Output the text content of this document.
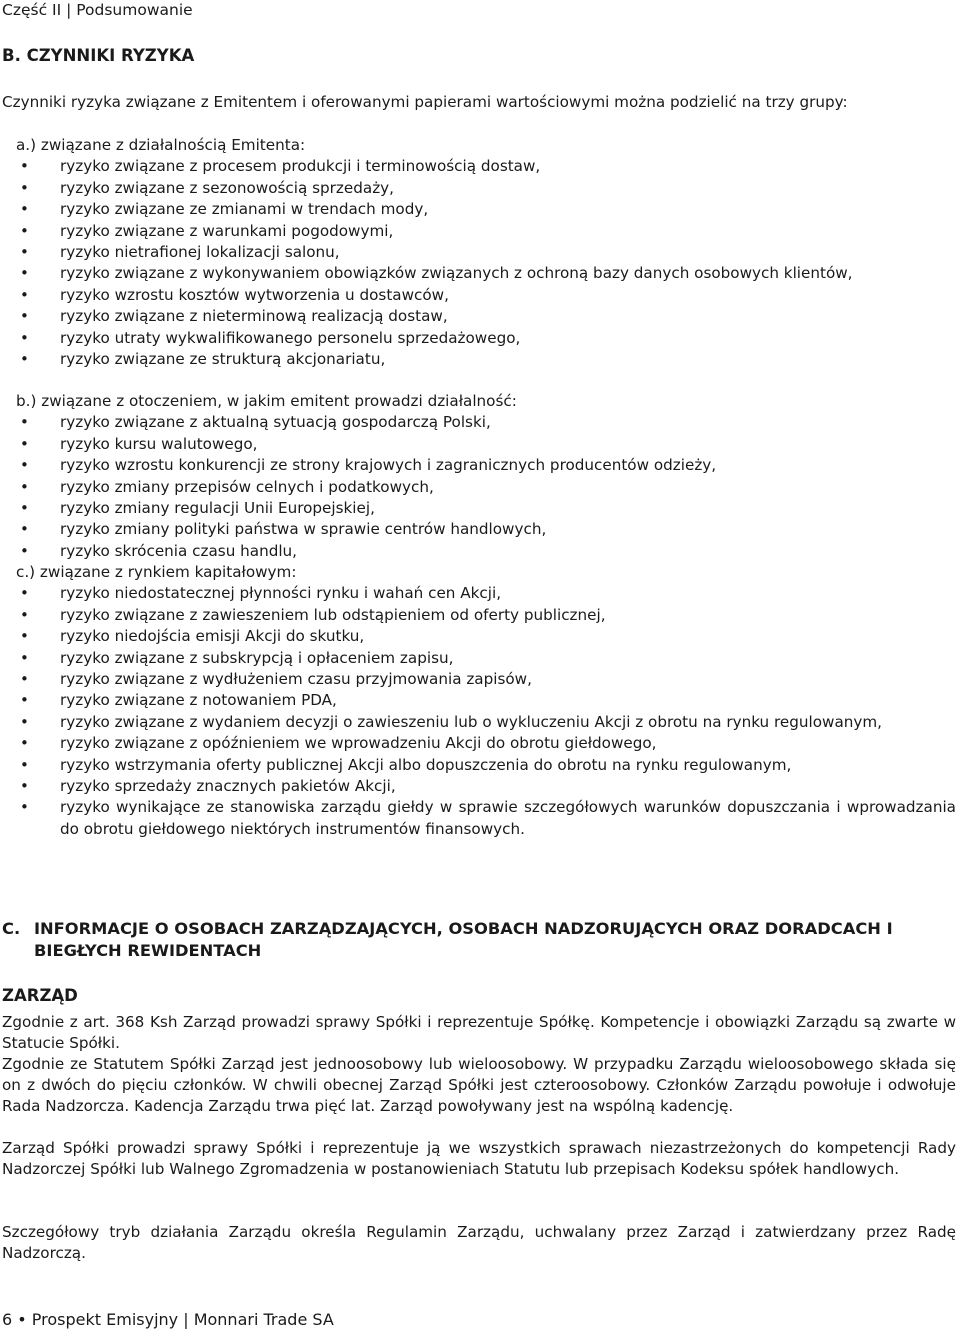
Część II | Podsumowanie
B. CZYNNIKI RYZYKA
Czynniki ryzyka związane z Emitentem i oferowanymi papierami wartościowymi można podzielić na trzy grupy:
a.) związane z działalnością Emitenta:
• ryzyko związane z procesem produkcji i terminowością dostaw,
• ryzyko związane z sezonowością sprzedaży,
• ryzyko związane ze zmianami w trendach mody,
• ryzyko związane z warunkami pogodowymi,
• ryzyko nietrafionej lokalizacji salonu,
• ryzyko związane z wykonywaniem obowiązków związanych z ochroną bazy danych osobowych klientów,
• ryzyko wzrostu kosztów wytworzenia u dostawców,
• ryzyko związane z nieterminową realizacją dostaw,
• ryzyko utraty wykwalifikowanego personelu sprzedażowego,
• ryzyko związane ze strukturą akcjonariatu,
b.) związane z otoczeniem, w jakim emitent prowadzi działalność:
• ryzyko związane z aktualną sytuacją gospodarczą Polski,
• ryzyko kursu walutowego,
• ryzyko wzrostu konkurencji ze strony krajowych i zagranicznych producentów odzieży,
• ryzyko zmiany przepisów celnych i podatkowych,
• ryzyko zmiany regulacji Unii Europejskiej,
• ryzyko zmiany polityki państwa w sprawie centrów handlowych,
• ryzyko skrócenia czasu handlu,
c.) związane z rynkiem kapitałowym:
• ryzyko niedostatecznej płynności rynku i wahań cen Akcji,
• ryzyko związane z zawieszeniem lub odstąpieniem od oferty publicznej,
• ryzyko niedojścia emisji Akcji do skutku,
• ryzyko związane z subskrypcją i opłaceniem zapisu,
• ryzyko związane z wydłużeniem czasu przyjmowania zapisów,
• ryzyko związane z notowaniem PDA,
• ryzyko związane z wydaniem decyzji o zawieszeniu lub o wykluczeniu Akcji z obrotu na rynku regulowanym,
• ryzyko związane z opóźnieniem we wprowadzeniu Akcji do obrotu giełdowego,
• ryzyko wstrzymania oferty publicznej Akcji albo dopuszczenia do obrotu na rynku regulowanym,
• ryzyko sprzedaży znacznych pakietów Akcji,
• ryzyko wynikające ze stanowiska zarządu giełdy w sprawie szczegółowych warunków dopuszczania i wprowadzania do obrotu giełdowego niektórych instrumentów finansowych.
C. INFORMACJE O OSOBACH ZARZĄDZAJĄCYCH, OSOBACH NADZORUJĄCYCH ORAZ DORADCACH I BIEGŁYCH REWIDENTACH
ZARZĄD
Zgodnie z art. 368 Ksh Zarząd prowadzi sprawy Spółki i reprezentuje Spółkę. Kompetencje i obowiązki Zarządu są zwarte w Statucie Spółki.
Zgodnie ze Statutem Spółki Zarząd jest jednoosobowy lub wieloosobowy. W przypadku Zarządu wieloosobowego składa się on z dwóch do pięciu członków. W chwili obecnej Zarząd Spółki jest czteroosobowy. Członków Zarządu powołuje i odwołuje Rada Nadzorcza. Kadencja Zarządu trwa pięć lat. Zarząd powoływany jest na wspólną kadencję.
Zarząd Spółki prowadzi sprawy Spółki i reprezentuje ją we wszystkich sprawach niezastrzeżonych do kompetencji Rady Nadzorczej Spółki lub Walnego Zgromadzenia w postanowieniach Statutu lub przepisach Kodeksu spółek handlowych.
Szczegółowy tryb działania Zarządu określa Regulamin Zarządu, uchwalany przez Zarząd i zatwierdzany przez Radę Nadzorczą.
6 • Prospekt Emisyjny | Monnari Trade SA
